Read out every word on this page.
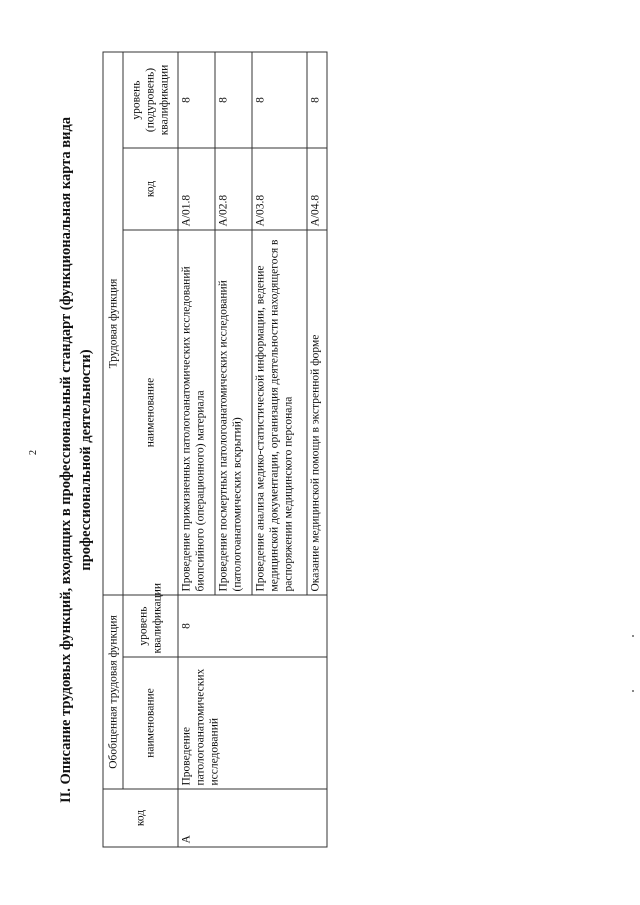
2 II. Описание трудовых функций, входящих в профессиональный стандарт (функциональная карта вида профессиональной деятельности)
код	Обобщенная трудовая функция		Трудовая функция		
	наименование	уровень квалификации	наименование	код	уровень (подуровень) квалификации
A	Проведение патологоанатомических исследований	8	Проведение прижизненных патологоанатомических исследований биопсийного (операционного) материала	A/01.8	8
			Проведение посмертных патологоанатомических исследований (патологоанатомических вскрытий)	A/02.8	8
			Проведение анализа медико-статистической информации, ведение медицинской документации, организация деятельности находящегося в распоряжении медицинского персонала	A/03.8	8
			Оказание медицинской помощи в экстренной форме	A/04.8	8
